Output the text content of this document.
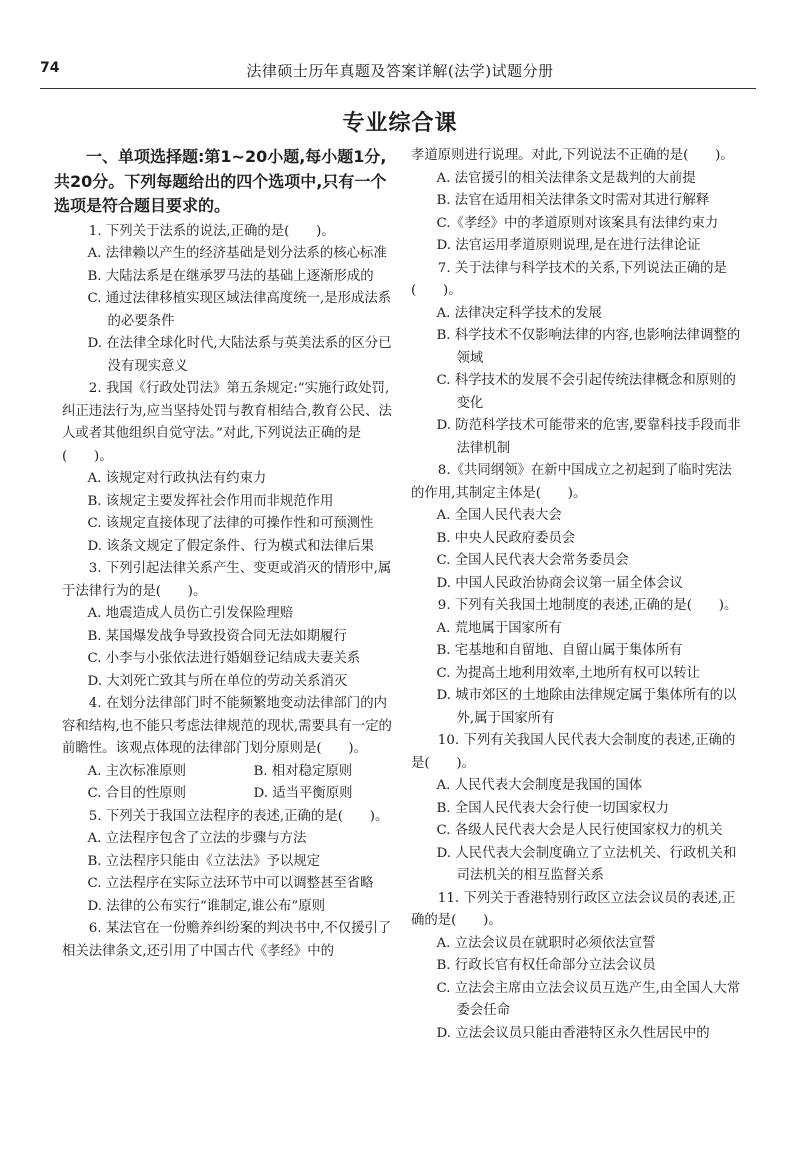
74	法律硕士历年真题及答案详解(法学)试题分册
专业综合课

一、单项选择题:第1~20小题,每小题1分,共20分。下列每题给出的四个选项中,只有一个选项是符合题目要求的。

1. 下列关于法系的说法,正确的是(　　)。

A. 法律赖以产生的经济基础是划分法系的核心标准

B. 大陆法系是在继承罗马法的基础上逐渐形成的

C. 通过法律移植实现区域法律高度统一,是形成法系的必要条件

D. 在法律全球化时代,大陆法系与英美法系的区分已没有现实意义

2. 我国《行政处罚法》第五条规定:“实施行政处罚,纠正违法行为,应当坚持处罚与教育相结合,教育公民、法人或者其他组织自觉守法。”对此,下列说法正确的是(　　)。

A. 该规定对行政执法有约束力

B. 该规定主要发挥社会作用而非规范作用

C. 该规定直接体现了法律的可操作性和可预测性

D. 该条文规定了假定条件、行为模式和法律后果

3. 下列引起法律关系产生、变更或消灭的情形中,属于法律行为的是(　　)。

A. 地震造成人员伤亡引发保险理赔

B. 某国爆发战争导致投资合同无法如期履行

C. 小李与小张依法进行婚姻登记结成夫妻关系

D. 大刘死亡致其与所在单位的劳动关系消灭

4. 在划分法律部门时不能频繁地变动法律部门的内容和结构,也不能只考虑法律规范的现状,需要具有一定的前瞻性。该观点体现的法律部门划分原则是(　　)。

A. 主次标准原则	B. 相对稳定原则

C. 合目的性原则	D. 适当平衡原则

5. 下列关于我国立法程序的表述,正确的是(　　)。

A. 立法程序包含了立法的步骤与方法

B. 立法程序只能由《立法法》予以规定

C. 立法程序在实际立法环节中可以调整甚至省略

D. 法律的公布实行“谁制定,谁公布”原则

6. 某法官在一份赡养纠纷案的判决书中,不仅援引了相关法律条文,还引用了中国古代《孝经》中的

孝道原则进行说理。对此,下列说法不正确的是(　　)。

A. 法官援引的相关法律条文是裁判的大前提

B. 法官在适用相关法律条文时需对其进行解释

C.《孝经》中的孝道原则对该案具有法律约束力

D. 法官运用孝道原则说理,是在进行法律论证

7. 关于法律与科学技术的关系,下列说法正确的是(　　)。

A. 法律决定科学技术的发展

B. 科学技术不仅影响法律的内容,也影响法律调整的领域

C. 科学技术的发展不会引起传统法律概念和原则的变化

D. 防范科学技术可能带来的危害,要靠科技手段而非法律机制

8.《共同纲领》在新中国成立之初起到了临时宪法的作用,其制定主体是(　　)。

A. 全国人民代表大会

B. 中央人民政府委员会

C. 全国人民代表大会常务委员会

D. 中国人民政治协商会议第一届全体会议

9. 下列有关我国土地制度的表述,正确的是(　　)。

A. 荒地属于国家所有

B. 宅基地和自留地、自留山属于集体所有

C. 为提高土地利用效率,土地所有权可以转让

D. 城市郊区的土地除由法律规定属于集体所有的以外,属于国家所有

10. 下列有关我国人民代表大会制度的表述,正确的是(　　)。

A. 人民代表大会制度是我国的国体

B. 全国人民代表大会行使一切国家权力

C. 各级人民代表大会是人民行使国家权力的机关

D. 人民代表大会制度确立了立法机关、行政机关和司法机关的相互监督关系

11. 下列关于香港特别行政区立法会议员的表述,正确的是(　　)。

A. 立法会议员在就职时必须依法宣誓

B. 行政长官有权任命部分立法会议员

C. 立法会主席由立法会议员互选产生,由全国人大常委会任命

D. 立法会议员只能由香港特区永久性居民中的
